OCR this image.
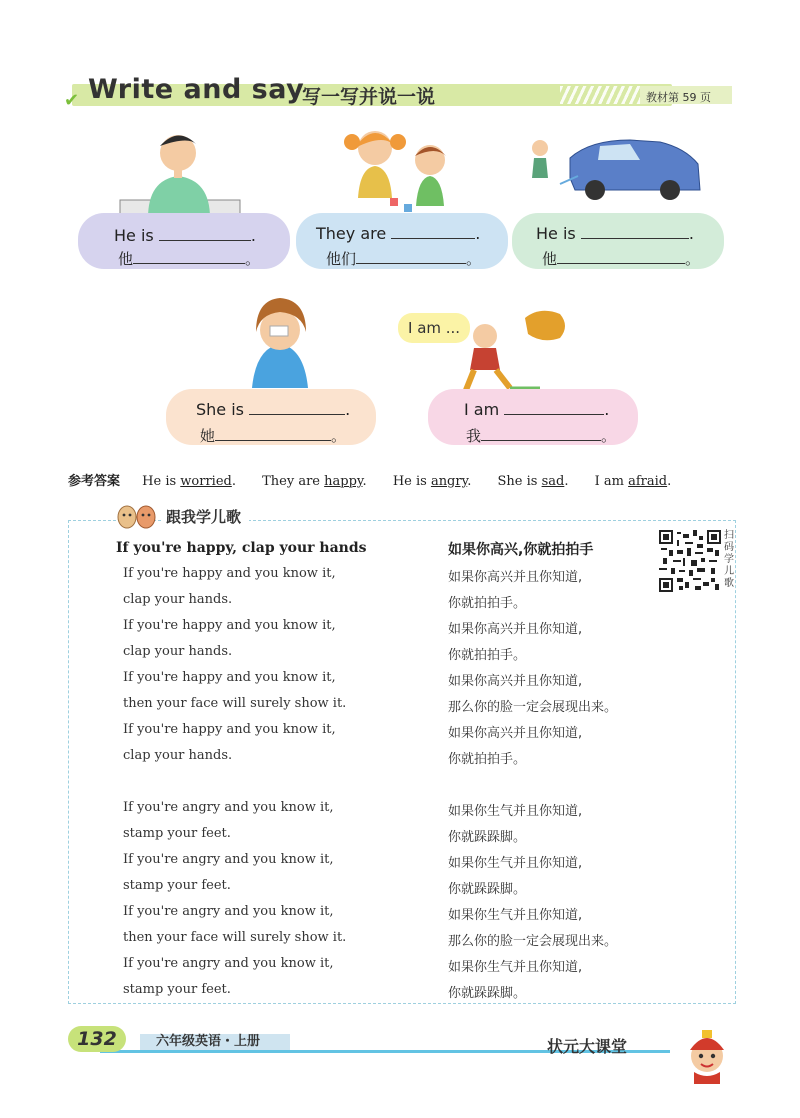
✔ Write and say
写一写并说一说	教材第 59 页
He is	.
他	。
They are	.
他们	。
He is	.
他	。
She is	.
她	。
I am	.
我	。
I am ...
参考答案 He is worried. They are happy. He is angry. She is sad. I am afraid.
跟我学儿歌
If you're happy, clap your hands	如果你高兴,你就拍拍手
扫码学儿歌
If you're happy and you know it,
clap your hands.
If you're happy and you know it,
clap your hands.
If you're happy and you know it,
then your face will surely show it.
If you're happy and you know it,
clap your hands.
If you're angry and you know it,
stamp your feet.
If you're angry and you know it,
stamp your feet.
If you're angry and you know it,
then your face will surely show it.
If you're angry and you know it,
stamp your feet.
如果你高兴并且你知道,
你就拍拍手。
如果你高兴并且你知道,
你就拍拍手。
如果你高兴并且你知道,
那么你的脸一定会展现出来。
如果你高兴并且你知道,
你就拍拍手。
如果你生气并且你知道,
你就跺跺脚。
如果你生气并且你知道,
你就跺跺脚。
如果你生气并且你知道,
那么你的脸一定会展现出来。
如果你生气并且你知道,
你就跺跺脚。
132	六年级英语・上册	状元大课堂
